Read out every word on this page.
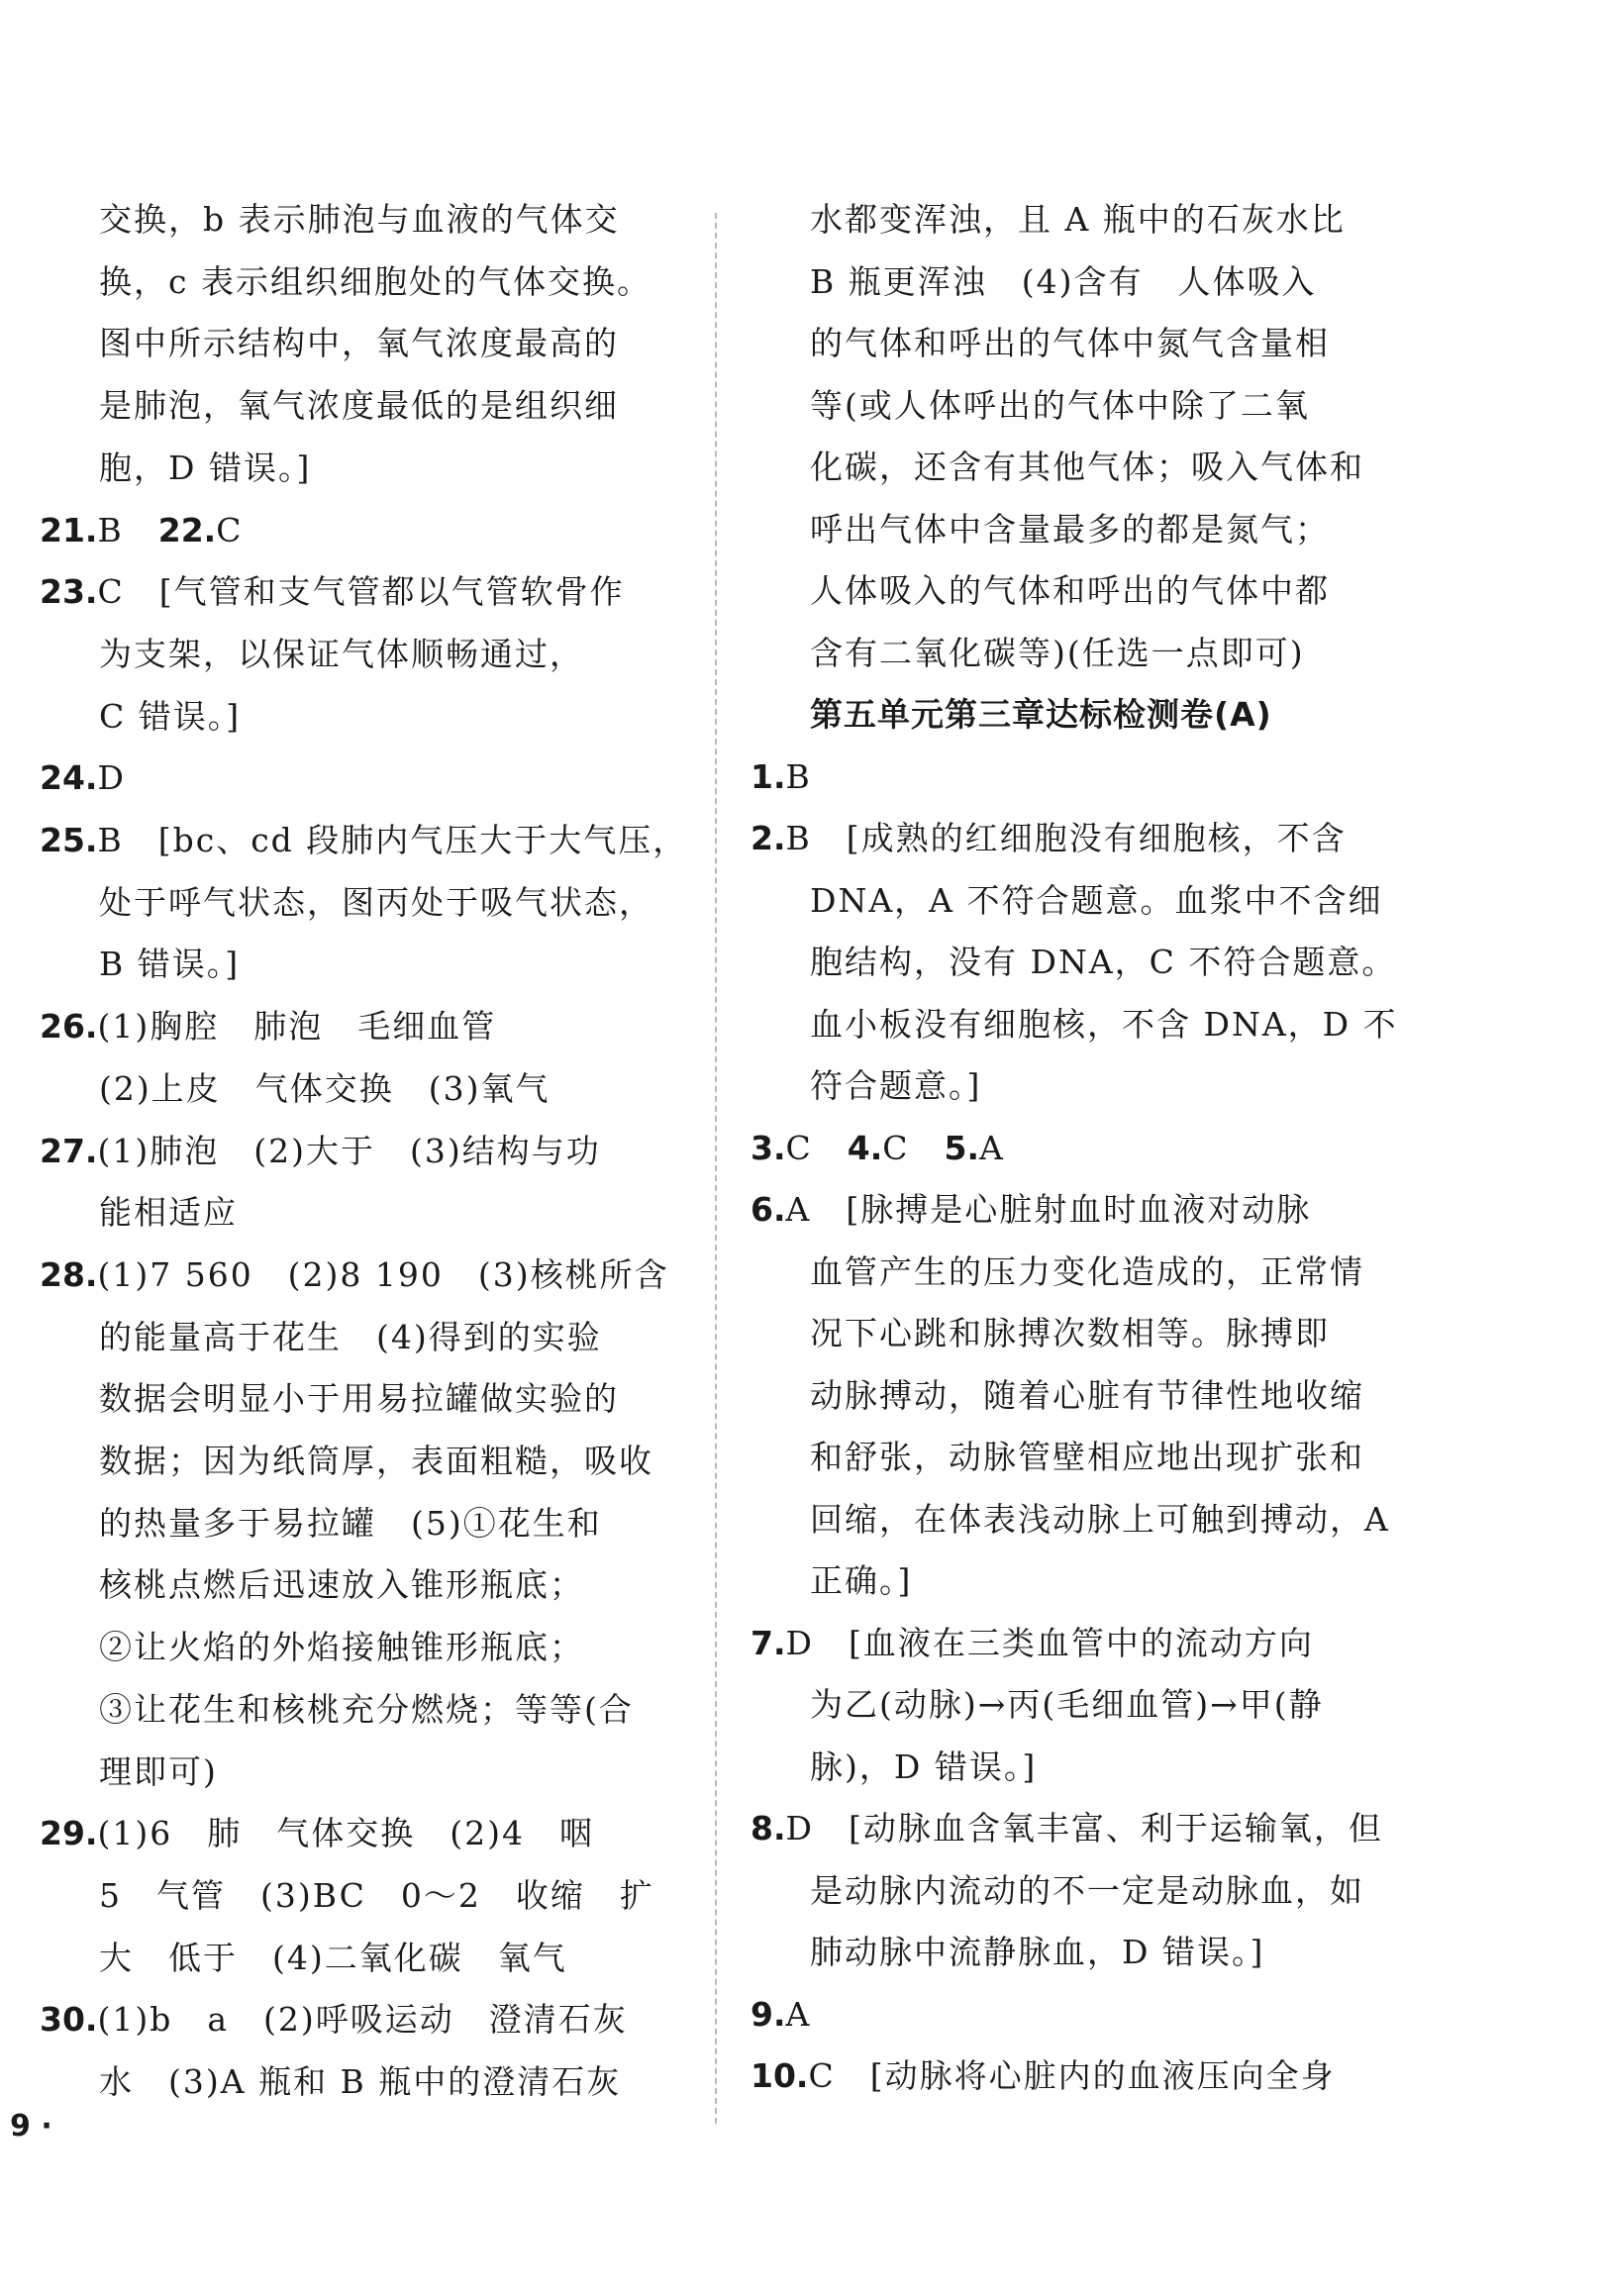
交换，b 表示肺泡与血液的气体交
换，c 表示组织细胞处的气体交换。
图中所示结构中，氧气浓度最高的
是肺泡，氧气浓度最低的是组织细
胞，D 错误。]
21.B　22.C
23.C　[气管和支气管都以气管软骨作
为支架，以保证气体顺畅通过，
C 错误。]
24.D
25.B　[bc、cd 段肺内气压大于大气压，
处于呼气状态，图丙处于吸气状态，
B 错误。]
26.(1)胸腔　肺泡　毛细血管
(2)上皮　气体交换　(3)氧气
27.(1)肺泡　(2)大于　(3)结构与功
能相适应
28.(1)7 560　(2)8 190　(3)核桃所含
的能量高于花生　(4)得到的实验
数据会明显小于用易拉罐做实验的
数据；因为纸筒厚，表面粗糙，吸收
的热量多于易拉罐　(5)①花生和
核桃点燃后迅速放入锥形瓶底；
②让火焰的外焰接触锥形瓶底；
③让花生和核桃充分燃烧；等等(合
理即可)
29.(1)6　肺　气体交换　(2)4　咽
5　气管　(3)BC　0～2　收缩　扩
大　低于　(4)二氧化碳　氧气
30.(1)b　a　(2)呼吸运动　澄清石灰
水　(3)A 瓶和 B 瓶中的澄清石灰
水都变浑浊，且 A 瓶中的石灰水比
B 瓶更浑浊　(4)含有　人体吸入
的气体和呼出的气体中氮气含量相
等(或人体呼出的气体中除了二氧
化碳，还含有其他气体；吸入气体和
呼出气体中含量最多的都是氮气；
人体吸入的气体和呼出的气体中都
含有二氧化碳等)(任选一点即可)
第五单元第三章达标检测卷(A)
1.B
2.B　[成熟的红细胞没有细胞核，不含
DNA，A 不符合题意。血浆中不含细
胞结构，没有 DNA，C 不符合题意。
血小板没有细胞核，不含 DNA，D 不
符合题意。]
3.C　4.C　5.A
6.A　[脉搏是心脏射血时血液对动脉
血管产生的压力变化造成的，正常情
况下心跳和脉搏次数相等。脉搏即
动脉搏动，随着心脏有节律性地收缩
和舒张，动脉管壁相应地出现扩张和
回缩，在体表浅动脉上可触到搏动，A
正确。]
7.D　[血液在三类血管中的流动方向
为乙(动脉)→丙(毛细血管)→甲(静
脉)，D 错误。]
8.D　[动脉血含氧丰富、利于运输氧，但
是动脉内流动的不一定是动脉血，如
肺动脉中流静脉血，D 错误。]
9.A
10.C　[动脉将心脏内的血液压向全身
9 ·
